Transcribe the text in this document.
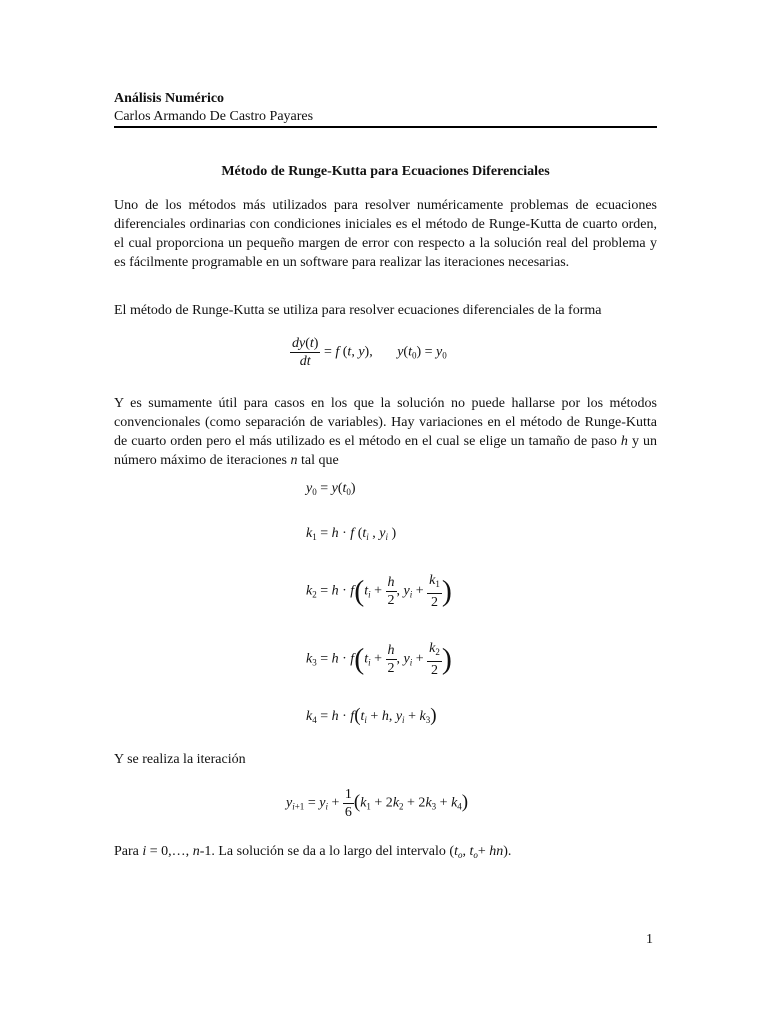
Análisis Numérico
Carlos Armando De Castro Payares
Método de Runge-Kutta para Ecuaciones Diferenciales
Uno de los métodos más utilizados para resolver numéricamente problemas de ecuaciones diferenciales ordinarias con condiciones iniciales es el método de Runge-Kutta de cuarto orden, el cual proporciona un pequeño margen de error con respecto a la solución real del problema y es fácilmente programable en un software para realizar las iteraciones necesarias.
El método de Runge-Kutta se utiliza para resolver ecuaciones diferenciales de la forma
$\frac{dy(t)}{dt} = f$ (t, y),       $y(t_0) = y_0$
Y es sumamente útil para casos en los que la solución no puede hallarse por los métodos convencionales (como separación de variables). Hay variaciones en el método de Runge-Kutta de cuarto orden pero el más utilizado es el método en el cual se elige un tamaño de paso h y un número máximo de iteraciones n tal que
$y_0 = y(t_0)$
$k_1 = h \cdot f$ ($t_i$ , $y_i$ )
$k_2 = h \cdot f(t_i + \frac{h}{2}$ , $y_i + \frac{k_1}{2}$ )
$k_3 = h \cdot f(t_i + \frac{h}{2}$ , $y_i + \frac{k_2}{2}$ )
$k_4 = h \cdot f(t_i + h$, $y_i + k_3$)
Y se realiza la iteración
$y_{i+1} = y_i + \frac{1}{6} (k_1 + 2k_2 + 2k_3 + k_4)$
Para i = 0,…, n-1. La solución se da a lo largo del intervalo ($t_o$, $t_o+ hn$).
1
